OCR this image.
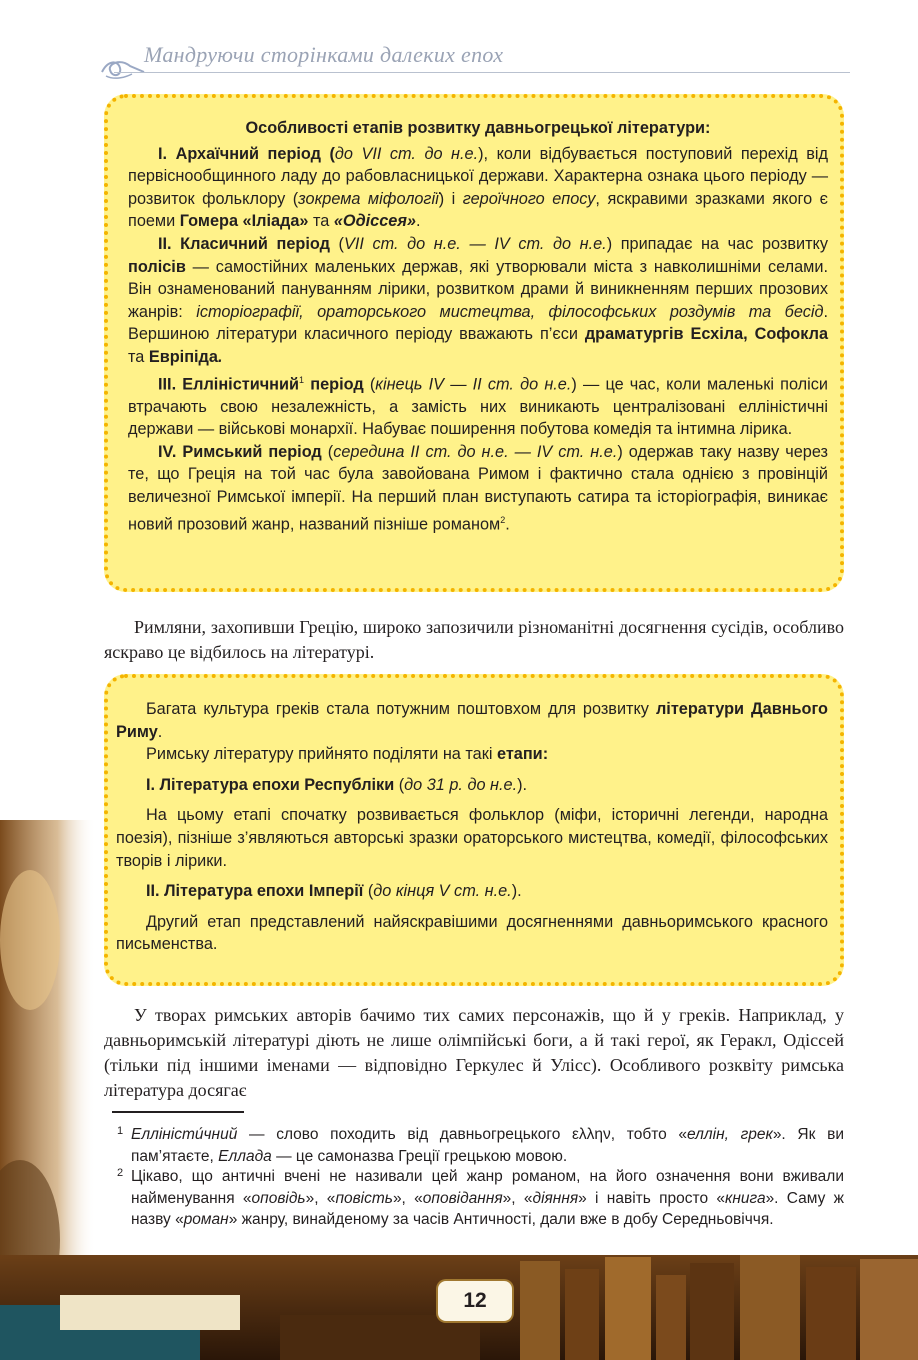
Мандруючи сторінками далеких епох

Особливості етапів розвитку давньогрецької літератури:

I. Архаїчний період (до VII ст. до н.е.), коли відбувається поступовий перехід від первіснообщинного ладу до рабовласницької держави. Характерна ознака цього періоду — розвиток фольклору (зокрема міфології) і героїчного епосу, яскравими зразками якого є поеми Гомера «Іліада» та «Одіссея».

II. Класичний період (VII ст. до н.е. — IV ст. до н.е.) припадає на час розвитку полісів — самостійних маленьких держав, які утворювали міста з навколишніми селами. Він ознаменований пануванням лірики, розвитком драми й виникненням перших прозових жанрів: історіографії, ораторського мистецтва, філософських роздумів та бесід. Вершиною літератури класичного періоду вважають п’єси драматургів Есхіла, Софокла та Евріпіда.

III. Елліністичний$^1$ період (кінець IV — II ст. до н.е.) — це час, коли маленькі поліси втрачають свою незалежність, а замість них виникають централізовані елліністичні держави — військові монархії. Набуває поширення побутова комедія та інтимна лірика.

IV. Римський період (середина II ст. до н.е. — IV ст. н.е.) одержав таку назву через те, що Греція на той час була завойована Римом і фактично стала однією з провінцій величезної Римської імперії. На перший план виступають сатира та історіографія, виникає новий прозовий жанр, названий пізніше романом$^2$.

Римляни, захопивши Грецію, широко запозичили різноманітні досягнення сусідів, особливо яскраво це відбилось на літературі.

Багата культура греків стала потужним поштовхом для розвитку літератури Давнього Риму.

Римську літературу прийнято поділяти на такі етапи:

I. Література епохи Республіки (до 31 р. до н.е.).

На цьому етапі спочатку розвивається фольклор (міфи, історичні легенди, народна поезія), пізніше з’являються авторські зразки ораторського мистецтва, комедії, філософських творів і лірики.

II. Література епохи Імперії (до кінця V ст. н.е.).

Другий етап представлений найяскравішими досягненнями давньоримського красного письменства.

У творах римських авторів бачимо тих самих персонажів, що й у греків. Наприклад, у давньоримській літературі діють не лише олімпійські боги, а й такі герої, як Геракл, Одіссей (тільки під іншими іменами — відповідно Геркулес й Улісс). Особливого розквіту римська література досягає

1 Елліністи́чний — слово походить від давньогрецького ελλην, тобто «еллін, грек». Як ви пам’ятаєте, Еллада — це самоназва Греції грецькою мовою.
2 Цікаво, що античні вчені не називали цей жанр романом, на його означення вони вживали найменування «оповідь», «повість», «оповідання», «діяння» і навіть просто «книга». Саму ж назву «роман» жанру, винайденому за часів Античності, дали вже в добу Середньовіччя.
12
